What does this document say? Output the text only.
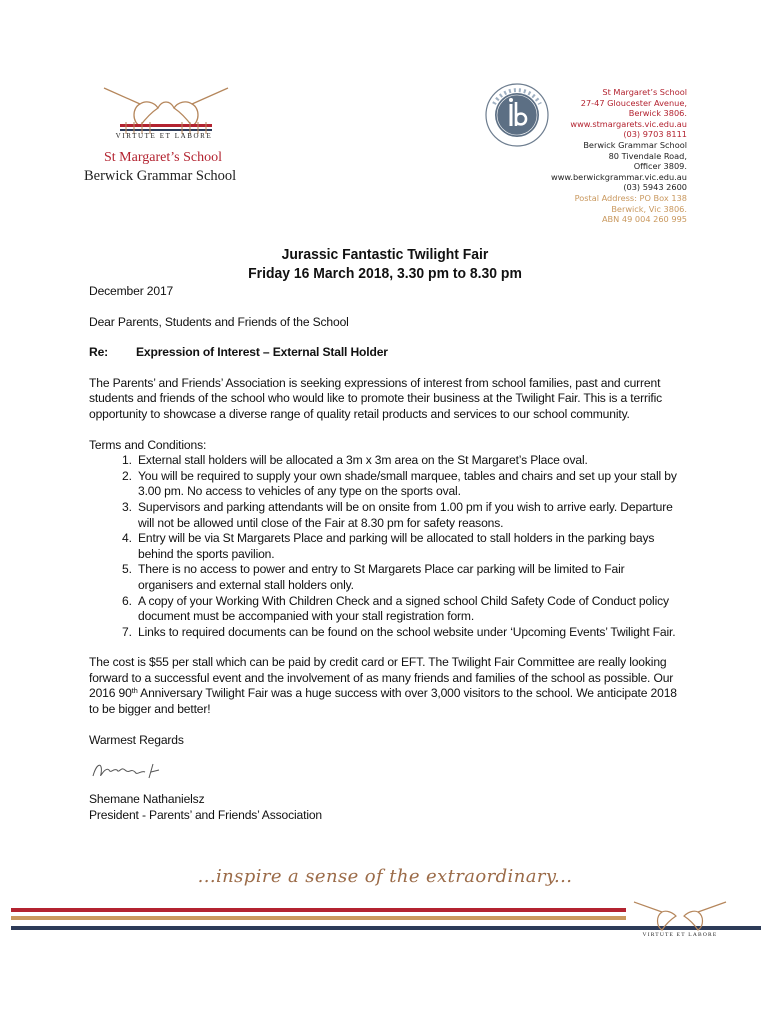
VIRTUTE ET LABORE
St Margaret’s School
Berwick Grammar School
St Margaret’s School
27-47 Gloucester Avenue,
Berwick 3806.
www.stmargarets.vic.edu.au
(03) 9703 8111
Berwick Grammar School
80 Tivendale Road,
Officer 3809.
www.berwickgrammar.vic.edu.au
(03) 5943 2600
Postal Address: PO Box 138
Berwick, Vic 3806.
ABN 49 004 260 995
Jurassic Fantastic Twilight Fair
Friday 16 March 2018, 3.30 pm to 8.30 pm

December 2017

Dear Parents, Students and Friends of the School

Re:	Expression of Interest – External Stall Holder

The Parents’ and Friends’ Association is seeking expressions of interest from school families, past and current students and friends of the school who would like to promote their business at the Twilight Fair. This is a terrific opportunity to showcase a diverse range of quality retail products and services to our school community.

Terms and Conditions:

1. External stall holders will be allocated a 3m x 3m area on the St Margaret’s Place oval.
2. You will be required to supply your own shade/small marquee, tables and chairs and set up your stall by 3.00 pm. No access to vehicles of any type on the sports oval.
3. Supervisors and parking attendants will be on onsite from 1.00 pm if you wish to arrive early. Departure will not be allowed until close of the Fair at 8.30 pm for safety reasons.
4. Entry will be via St Margarets Place and parking will be allocated to stall holders in the parking bays behind the sports pavilion.
5. There is no access to power and entry to St Margarets Place car parking will be limited to Fair organisers and external stall holders only.
6. A copy of your Working With Children Check and a signed school Child Safety Code of Conduct policy document must be accompanied with your stall registration form.
7. Links to required documents can be found on the school website under ‘Upcoming Events’ Twilight Fair.

The cost is $55 per stall which can be paid by credit card or EFT. The Twilight Fair Committee are really looking forward to a successful event and the involvement of as many friends and families of the school as possible. Our 2016 90th Anniversary Twilight Fair was a huge success with over 3,000 visitors to the school. We anticipate 2018 to be bigger and better!

Warmest Regards

Shemane Nathanielsz

President - Parents’ and Friends’ Association

...inspire a sense of the extraordinary...
VIRTUTE ET LABORE
